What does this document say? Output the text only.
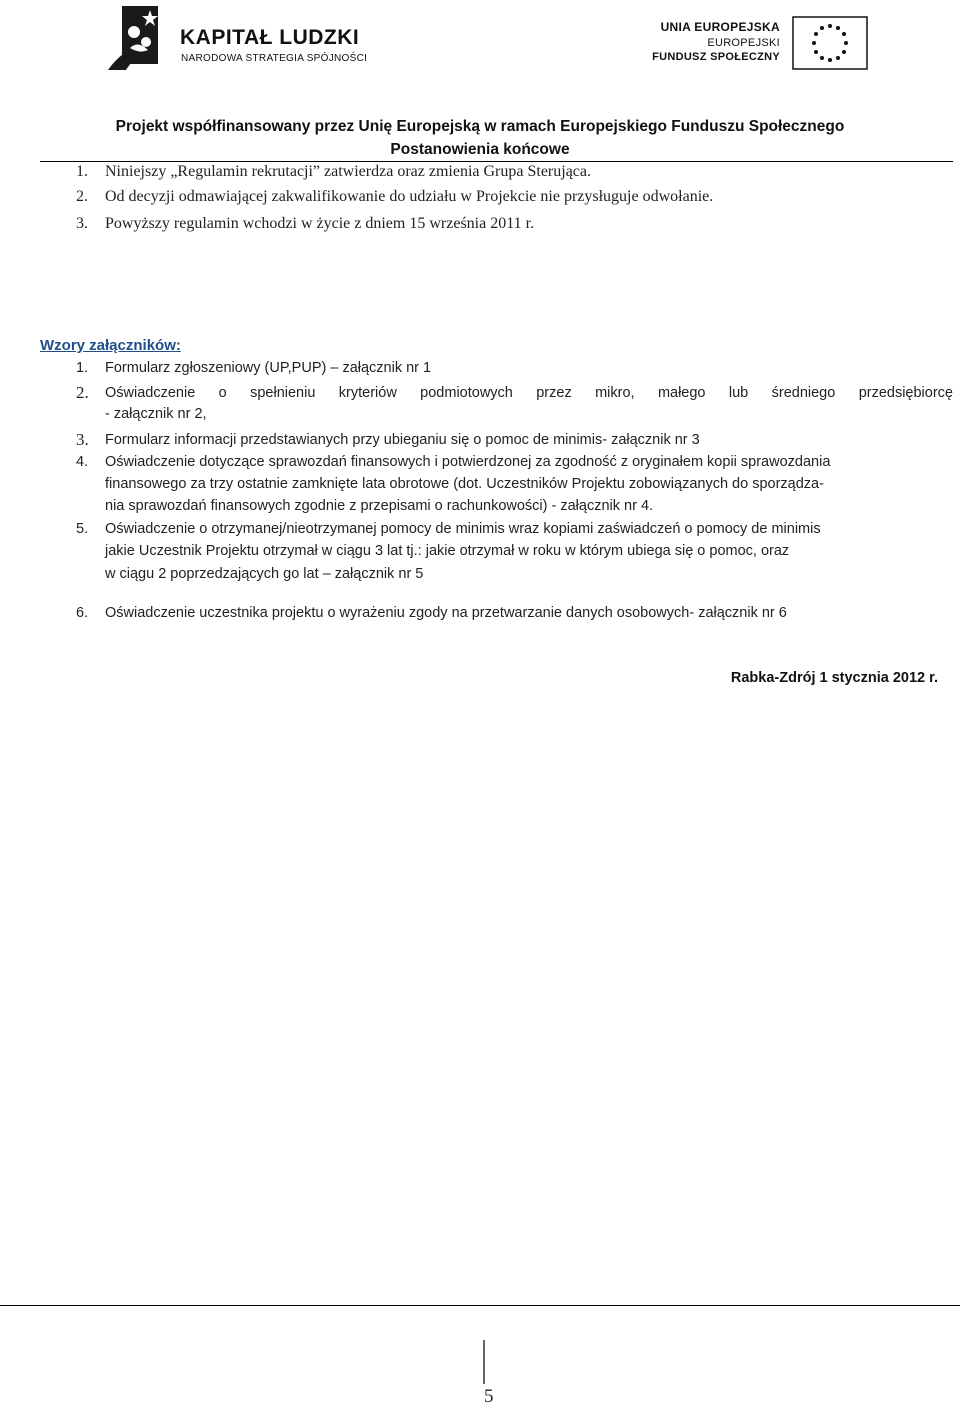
KAPITAŁ LUDZKI
NARODOWA STRATEGIA SPÓJNOŚCI
UNIA EUROPEJSKA
EUROPEJSKI
FUNDUSZ SPOŁECZNY
Projekt współfinansowany przez Unię Europejską w ramach Europejskiego Funduszu Społecznego
Postanowienia końcowe
1. Niniejszy „Regulamin rekrutacji” zatwierdza oraz zmienia Grupa Sterująca.
2. Od decyzji odmawiającej zakwalifikowanie do udziału w Projekcie nie przysługuje odwołanie.
3. Powyższy regulamin wchodzi w życie z dniem 15 września 2011 r.
Wzory załączników:
1. Formularz zgłoszeniowy (UP,PUP) – załącznik nr 1
2. Oświadczenie o spełnieniu kryteriów podmiotowych przez mikro, małego lub średniego przedsiębiorcę
- załącznik nr 2,
3. Formularz informacji przedstawianych przy ubieganiu się o pomoc de minimis- załącznik nr 3
4. Oświadczenie dotyczące sprawozdań finansowych i potwierdzonej za zgodność z oryginałem kopii sprawozdania
finansowego za trzy ostatnie zamknięte lata obrotowe (dot. Uczestników Projektu zobowiązanych do sporządza-
nia sprawozdań finansowych zgodnie z przepisami o rachunkowości) - załącznik nr 4.
5. Oświadczenie o otrzymanej/nieotrzymanej pomocy de minimis wraz kopiami zaświadczeń o pomocy de minimis
jakie Uczestnik Projektu otrzymał w ciągu 3 lat tj.: jakie otrzymał w roku w którym ubiega się o pomoc, oraz
w ciągu 2 poprzedzających go lat – załącznik nr 5
6. Oświadczenie uczestnika projektu o wyrażeniu zgody na przetwarzanie danych osobowych- załącznik nr 6
Rabka-Zdrój 1 stycznia 2012 r.
5
